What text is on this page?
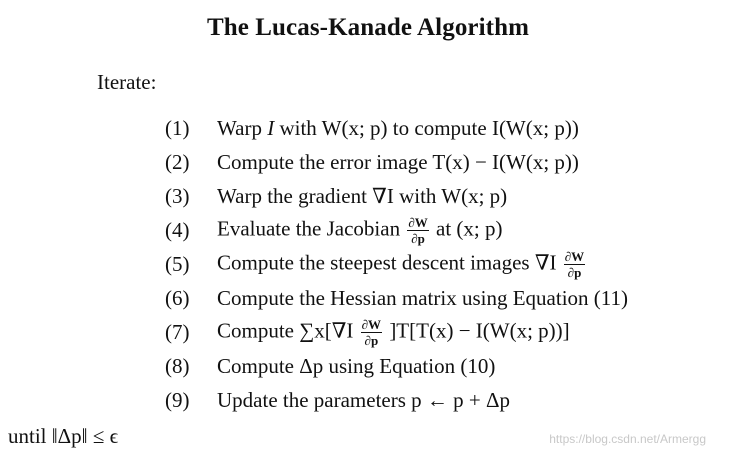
The Lucas-Kanade Algorithm
Iterate:
(1)	Warp I with W(x; p) to compute I(W(x; p))
(2)	Compute the error image T(x) − I(W(x; p))
(3)	Warp the gradient ∇I with W(x; p)
(4)	Evaluate the Jacobian $\frac{\partial W}{\partial p}$ at (x; p)
(5)	Compute the steepest descent images $\nabla I \frac{\partial W}{\partial p}$
(6)	Compute the Hessian matrix using Equation (11)
(7)	Compute $\sum x[\nabla I \frac{\partial W}{\partial p} ]T[T(x) - I(W(x$; p))]
(8)	Compute Δp using Equation (10)
(9)	Update the parameters p ← p + Δp
until ‖Δp‖ ≤ ϵ	https://blog.csdn.net/Armergg
